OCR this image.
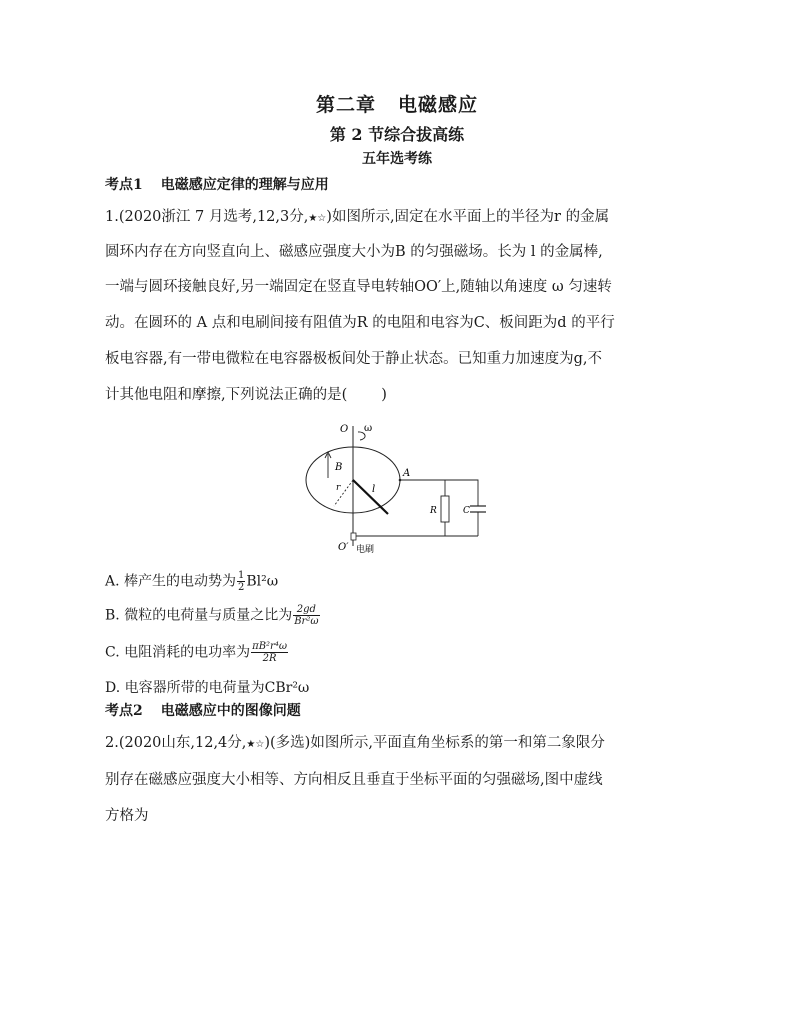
第二章 电磁感应
第 2 节综合拔高练
五年选考练
考点1 电磁感应定律的理解与应用
1.(2020浙江 7 月选考,12,3分,★☆)如图所示,固定在水平面上的半径为r 的金属
圆环内存在方向竖直向上、磁感应强度大小为B 的匀强磁场。长为 l 的金属棒,
一端与圆环接触良好,另一端固定在竖直导电转轴OO′上,随轴以角速度 ω 匀速转
动。在圆环的 A 点和电刷间接有阻值为R 的电阻和电容为C、板间距为d 的平行
板电容器,有一带电微粒在电容器极板间处于静止状态。已知重力加速度为g,不
计其他电阻和摩擦,下列说法正确的是( )
O ω
B
r	l
A
R	C
O′ 电刷
A. 棒产生的电动势为 $\frac{1}{2} Bl^2\omega$
B. 微粒的电荷量与质量之比为 $\frac{2gd}{\text{Br²ω}}$
C. 电阻消耗的电功率为 $\frac{\text{πB²r⁴ω}}{2R}$
D. 电容器所带的电荷量为CBr²ω
考点2 电磁感应中的图像问题
2.(2020山东,12,4分,★☆)(多选)如图所示,平面直角坐标系的第一和第二象限分
别存在磁感应强度大小相等、方向相反且垂直于坐标平面的匀强磁场,图中虚线
方格为
